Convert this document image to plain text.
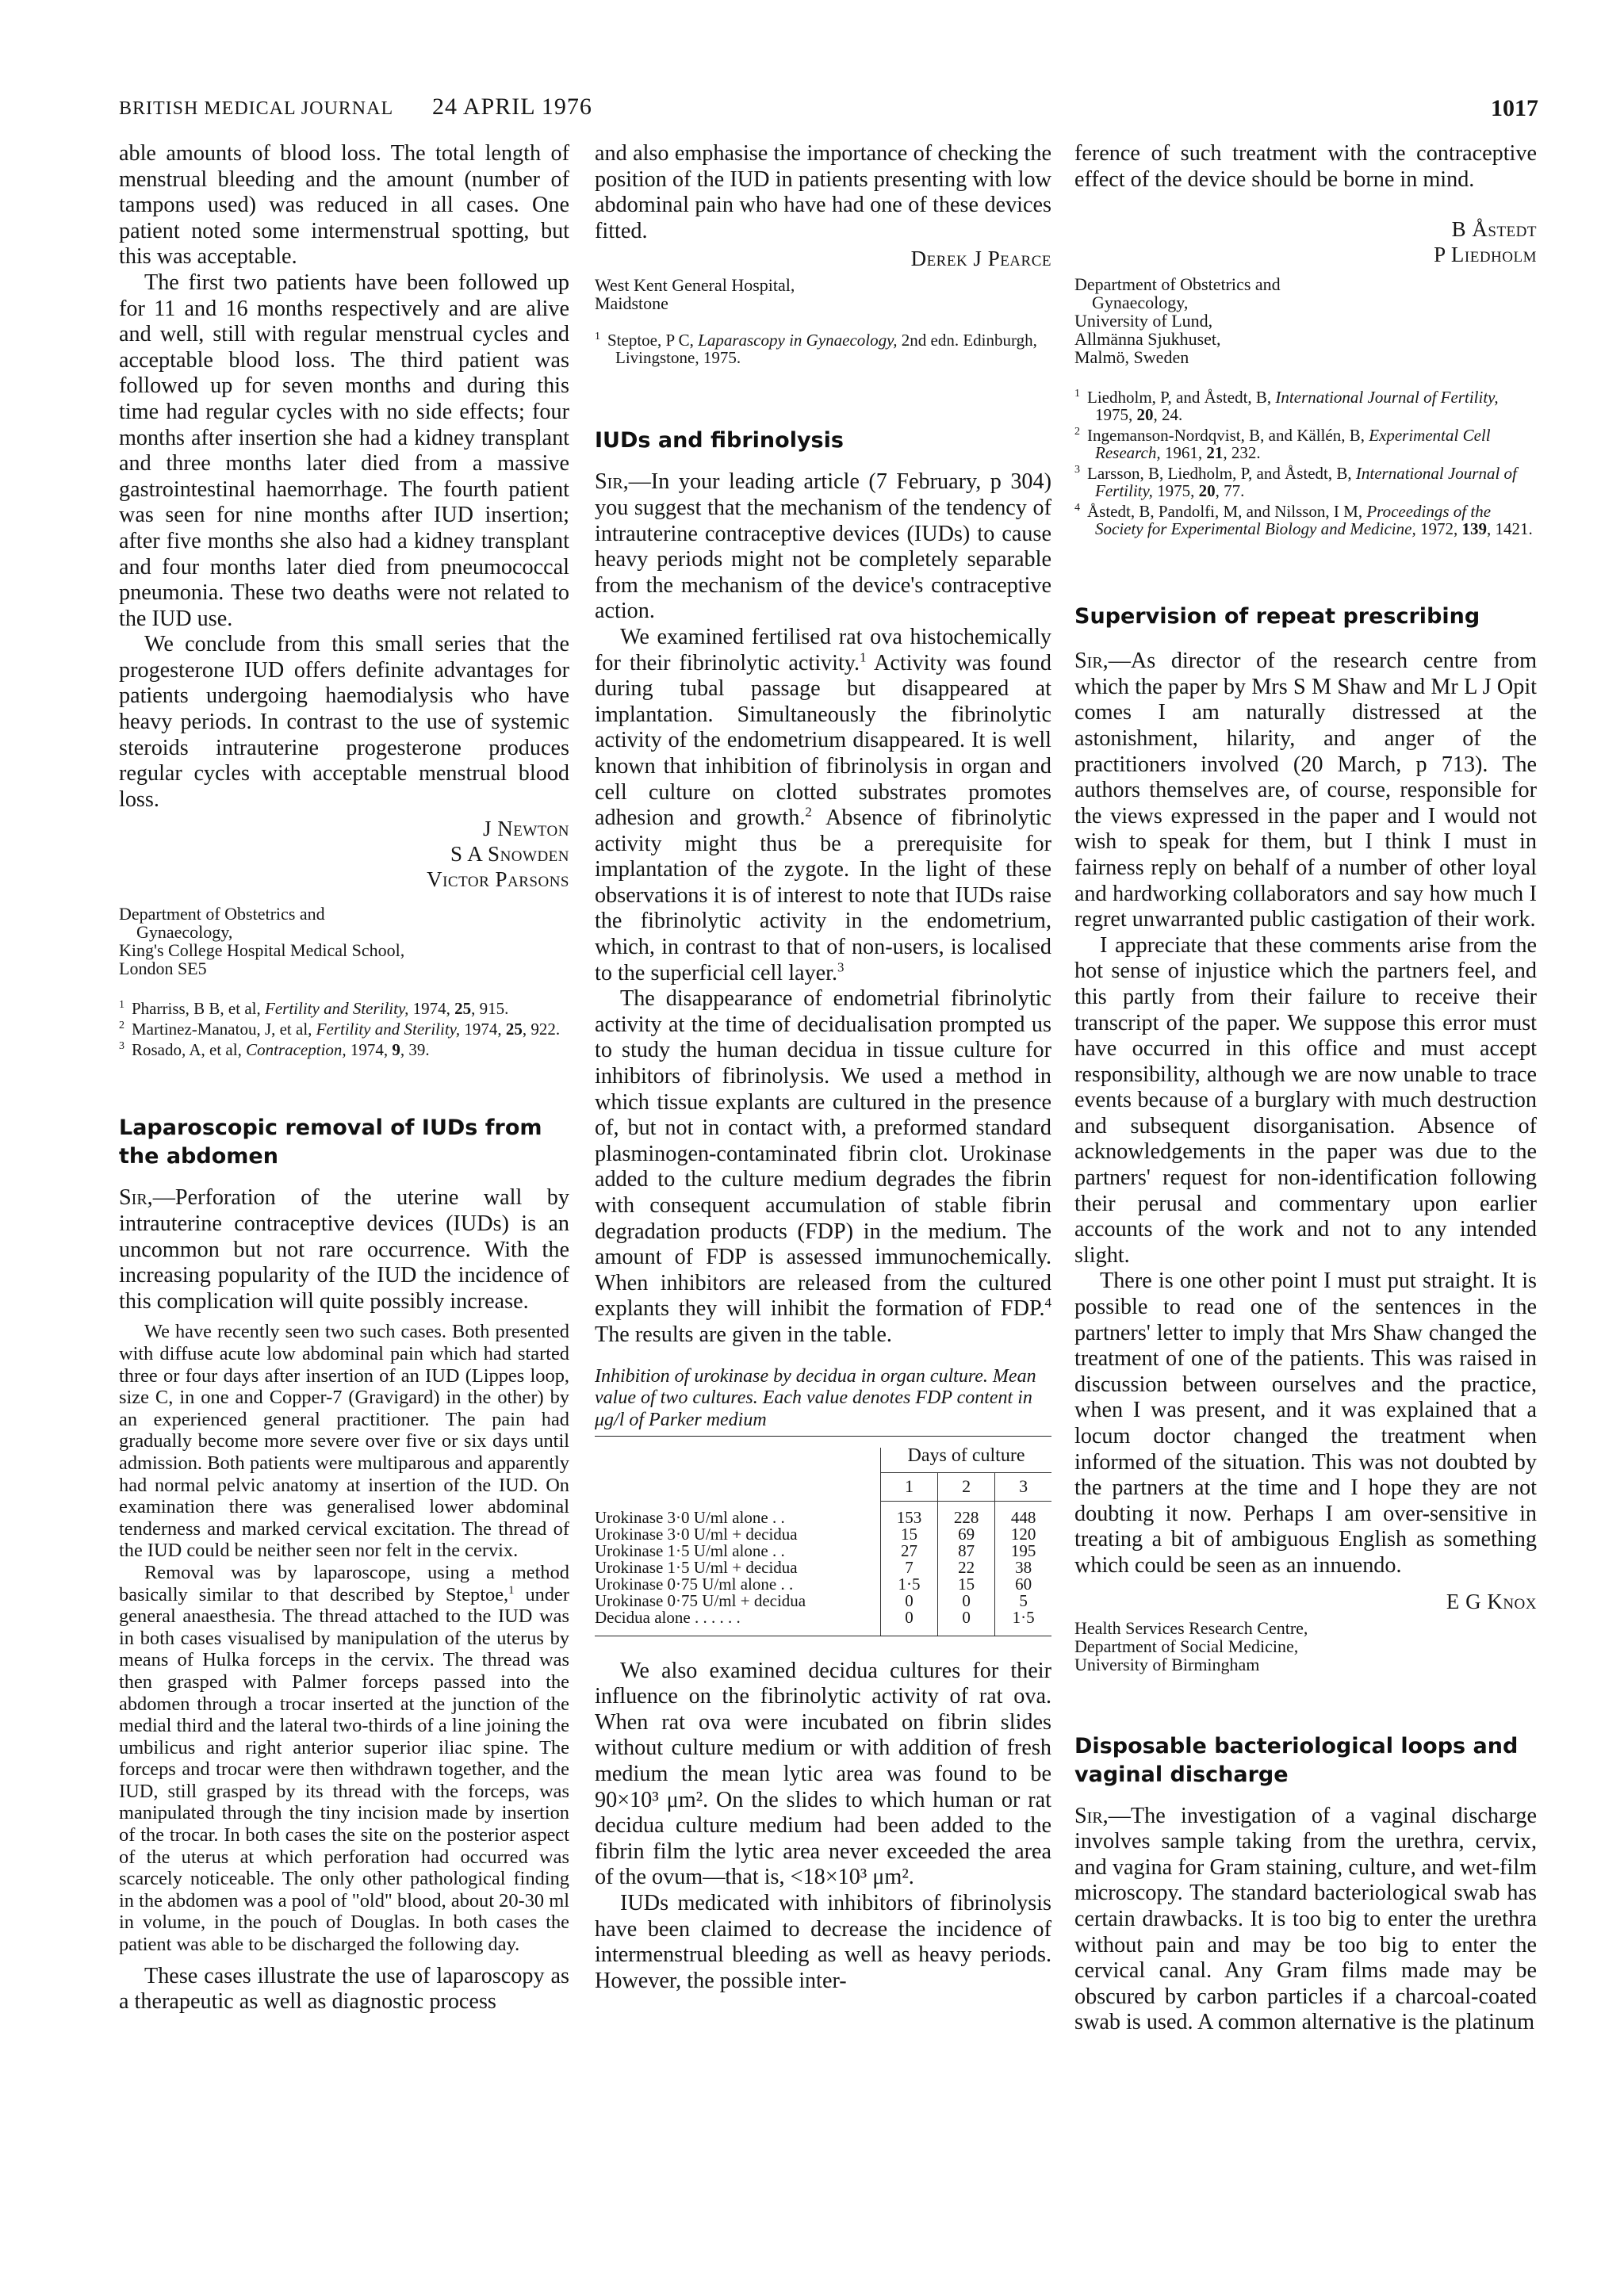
BRITISH MEDICAL JOURNAL 24 APRIL 1976	1017

able amounts of blood loss. The total length of menstrual bleeding and the amount (number of tampons used) was reduced in all cases. One patient noted some intermenstrual spotting, but this was acceptable.

The first two patients have been followed up for 11 and 16 months respectively and are alive and well, still with regular menstrual cycles and acceptable blood loss. The third patient was followed up for seven months and during this time had regular cycles with no side effects; four months after insertion she had a kidney transplant and three months later died from a massive gastrointestinal haemorrhage. The fourth patient was seen for nine months after IUD insertion; after five months she also had a kidney transplant and four months later died from pneumococcal pneumonia. These two deaths were not related to the IUD use.

We conclude from this small series that the progesterone IUD offers definite advantages for patients undergoing haemodialysis who have heavy periods. In contrast to the use of systemic steroids intrauterine progesterone produces regular cycles with acceptable menstrual blood loss.

J Newton
S A Snowden
Victor Parsons
Department of Obstetrics and
Gynaecology,
King's College Hospital Medical School,
London SE5
1 Pharriss, B B, et al, Fertility and Sterility, 1974, 25, 915.
2 Martinez-Manatou, J, et al, Fertility and Sterility, 1974, 25, 922.
3 Rosado, A, et al, Contraception, 1974, 9, 39.
Laparoscopic removal of IUDs from the abdomen

Sir,—Perforation of the uterine wall by intrauterine contraceptive devices (IUDs) is an uncommon but not rare occurrence. With the increasing popularity of the IUD the incidence of this complication will quite possibly increase.

We have recently seen two such cases. Both presented with diffuse acute low abdominal pain which had started three or four days after insertion of an IUD (Lippes loop, size C, in one and Copper-7 (Gravigard) in the other) by an experienced general practitioner. The pain had gradually become more severe over five or six days until admission. Both patients were multiparous and apparently had normal pelvic anatomy at insertion of the IUD. On examination there was generalised lower abdominal tenderness and marked cervical excitation. The thread of the IUD could be neither seen nor felt in the cervix.

Removal was by laparoscope, using a method basically similar to that described by Steptoe,$^1$ under general anaesthesia. The thread attached to the IUD was in both cases visualised by manipulation of the uterus by means of Hulka forceps in the cervix. The thread was then grasped with Palmer forceps passed into the abdomen through a trocar inserted at the junction of the medial third and the lateral two-thirds of a line joining the umbilicus and right anterior superior iliac spine. The forceps and trocar were then withdrawn together, and the IUD, still grasped by its thread with the forceps, was manipulated through the tiny incision made by insertion of the trocar. In both cases the site on the posterior aspect of the uterus at which perforation had occurred was scarcely noticeable. The only other pathological finding in the abdomen was a pool of "old" blood, about 20-30 ml in volume, in the pouch of Douglas. In both cases the patient was able to be discharged the following day.

These cases illustrate the use of laparoscopy as a therapeutic as well as diagnostic process

and also emphasise the importance of checking the position of the IUD in patients presenting with low abdominal pain who have had one of these devices fitted.

Derek J Pearce
West Kent General Hospital,
Maidstone
1 Steptoe, P C, Laparascopy in Gynaecology, 2nd edn. Edinburgh, Livingstone, 1975.
IUDs and fibrinolysis

Sir,—In your leading article (7 February, p 304) you suggest that the mechanism of the tendency of intrauterine contraceptive devices (IUDs) to cause heavy periods might not be completely separable from the mechanism of the device's contraceptive action.

We examined fertilised rat ova histochemically for their fibrinolytic activity.$^1$ Activity was found during tubal passage but disappeared at implantation. Simultaneously the fibrinolytic activity of the endometrium disappeared. It is well known that inhibition of fibrinolysis in organ and cell culture on clotted substrates promotes adhesion and growth.$^2$ Absence of fibrinolytic activity might thus be a prerequisite for implantation of the zygote. In the light of these observations it is of interest to note that IUDs raise the fibrinolytic activity in the endometrium, which, in contrast to that of non-users, is localised to the superficial cell layer.$^3$

The disappearance of endometrial fibrinolytic activity at the time of decidualisation prompted us to study the human decidua in tissue culture for inhibitors of fibrinolysis. We used a method in which tissue explants are cultured in the presence of, but not in contact with, a preformed standard plasminogen-contaminated fibrin clot. Urokinase added to the culture medium degrades the fibrin with consequent accumulation of stable fibrin degradation products (FDP) in the medium. The amount of FDP is assessed immunochemically. When inhibitors are released from the cultured explants they will inhibit the formation of FDP.$^4$ The results are given in the table.

Inhibition of urokinase by decidua in organ culture. Mean value of two cultures. Each value denotes FDP content in μg/l of Parker medium
	Days of culture		
	1	2	3

Urokinase 3·0 U/ml alone . .	153	228	448
Urokinase 3·0 U/ml + decidua	15	69	120
Urokinase 1·5 U/ml alone . .	27	87	195
Urokinase 1·5 U/ml + decidua	7	22	38
Urokinase 0·75 U/ml alone . .	1·5	15	60
Urokinase 0·75 U/ml + decidua	0	0	5
Decidua alone . . . . . .	0	0	1·5

We also examined decidua cultures for their influence on the fibrinolytic activity of rat ova. When rat ova were incubated on fibrin slides without culture medium or with addition of fresh medium the mean lytic area was found to be 90×10³ μm². On the slides to which human or rat decidua culture medium had been added to the fibrin film the lytic area never exceeded the area of the ovum—that is, <18×10³ μm².

IUDs medicated with inhibitors of fibrinolysis have been claimed to decrease the incidence of intermenstrual bleeding as well as heavy periods. However, the possible inter-

ference of such treatment with the contraceptive effect of the device should be borne in mind.

B Åstedt
P Liedholm
Department of Obstetrics and
Gynaecology,
University of Lund,
Allmänna Sjukhuset,
Malmö, Sweden
1 Liedholm, P, and Åstedt, B, International Journal of Fertility, 1975, 20, 24.
2 Ingemanson-Nordqvist, B, and Källén, B, Experimental Cell Research, 1961, 21, 232.
3 Larsson, B, Liedholm, P, and Åstedt, B, International Journal of Fertility, 1975, 20, 77.
4 Åstedt, B, Pandolfi, M, and Nilsson, I M, Proceedings of the Society for Experimental Biology and Medicine, 1972, 139, 1421.
Supervision of repeat prescribing

Sir,—As director of the research centre from which the paper by Mrs S M Shaw and Mr L J Opit comes I am naturally distressed at the astonishment, hilarity, and anger of the practitioners involved (20 March, p 713). The authors themselves are, of course, responsible for the views expressed in the paper and I would not wish to speak for them, but I think I must in fairness reply on behalf of a number of other loyal and hardworking collaborators and say how much I regret unwarranted public castigation of their work.

I appreciate that these comments arise from the hot sense of injustice which the partners feel, and this partly from their failure to receive their transcript of the paper. We suppose this error must have occurred in this office and must accept responsibility, although we are now unable to trace events because of a burglary with much destruction and subsequent disorganisation. Absence of acknowledgements in the paper was due to the partners' request for non-identification following their perusal and commentary upon earlier accounts of the work and not to any intended slight.

There is one other point I must put straight. It is possible to read one of the sentences in the partners' letter to imply that Mrs Shaw changed the treatment of one of the patients. This was raised in discussion between ourselves and the practice, when I was present, and it was explained that a locum doctor changed the treatment when informed of the situation. This was not doubted by the partners at the time and I hope they are not doubting it now. Perhaps I am over-sensitive in treating a bit of ambiguous English as something which could be seen as an innuendo.

E G Knox
Health Services Research Centre,
Department of Social Medicine,
University of Birmingham
Disposable bacteriological loops and vaginal discharge

Sir,—The investigation of a vaginal discharge involves sample taking from the urethra, cervix, and vagina for Gram staining, culture, and wet-film microscopy. The standard bacteriological swab has certain drawbacks. It is too big to enter the urethra without pain and may be too big to enter the cervical canal. Any Gram films made may be obscured by carbon particles if a charcoal-coated swab is used. A common alternative is the platinum
